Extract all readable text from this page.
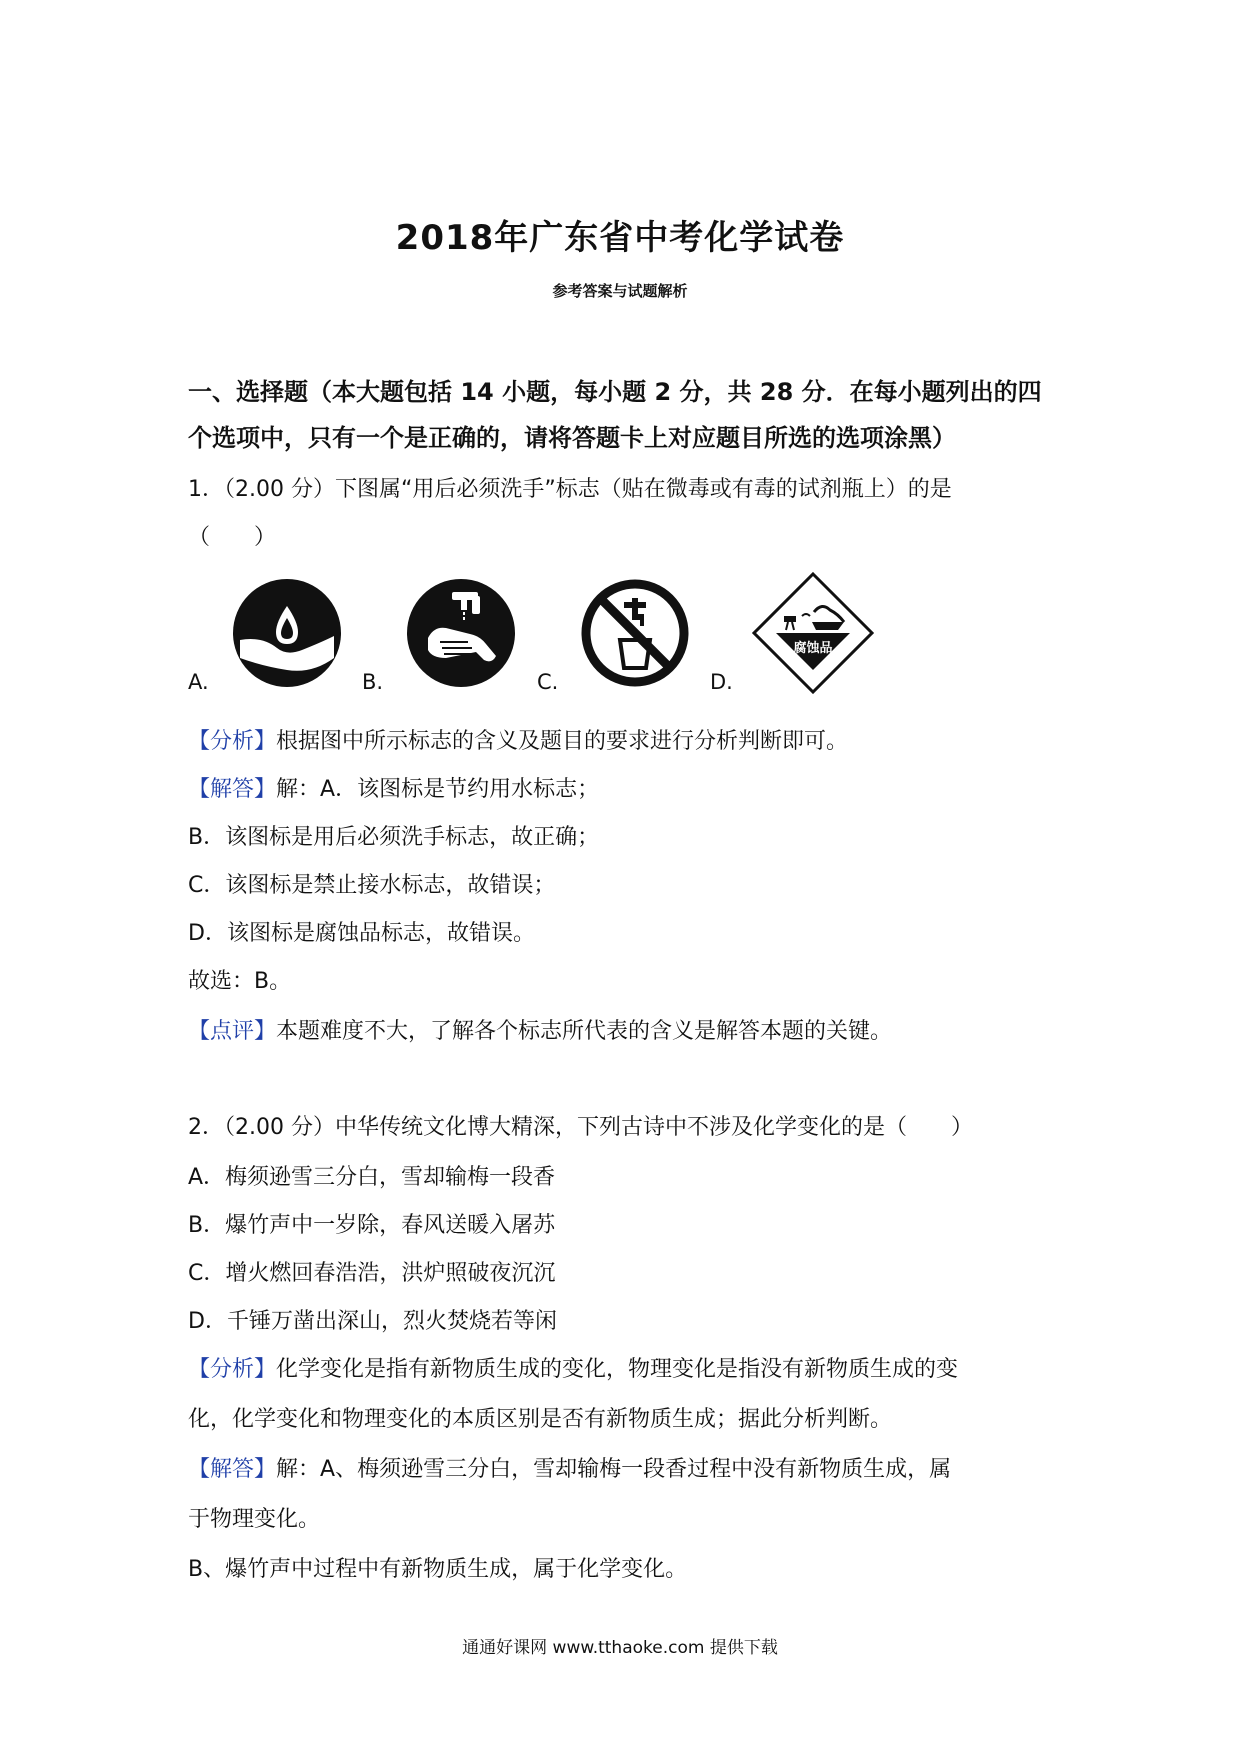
2018年广东省中考化学试卷
参考答案与试题解析
一、选择题（本大题包括 14 小题，每小题 2 分，共 28 分．在每小题列出的四
个选项中，只有一个是正确的，请将答题卡上对应题目所选的选项涂黑）
1．（2.00 分）下图属“用后必须洗手”标志（贴在微毒或有毒的试剂瓶上）的是
（　　）
A.	B.	C.
腐蚀品
D.
【分析】根据图中所示标志的含义及题目的要求进行分析判断即可。
【解答】解：A．该图标是节约用水标志；
B．该图标是用后必须洗手标志，故正确；
C．该图标是禁止接水标志，故错误；
D．该图标是腐蚀品标志，故错误。
故选：B。
【点评】本题难度不大，了解各个标志所代表的含义是解答本题的关键。
2．（2.00 分）中华传统文化博大精深，下列古诗中不涉及化学变化的是（　　）
A．梅须逊雪三分白，雪却输梅一段香
B．爆竹声中一岁除，春风送暖入屠苏
C．增火燃回春浩浩，洪炉照破夜沉沉
D．千锤万凿出深山，烈火焚烧若等闲
【分析】化学变化是指有新物质生成的变化，物理变化是指没有新物质生成的变
化，化学变化和物理变化的本质区别是否有新物质生成；据此分析判断。
【解答】解：A、梅须逊雪三分白，雪却输梅一段香过程中没有新物质生成，属
于物理变化。
B、爆竹声中过程中有新物质生成，属于化学变化。
通通好课网 www.tthaoke.com 提供下载
